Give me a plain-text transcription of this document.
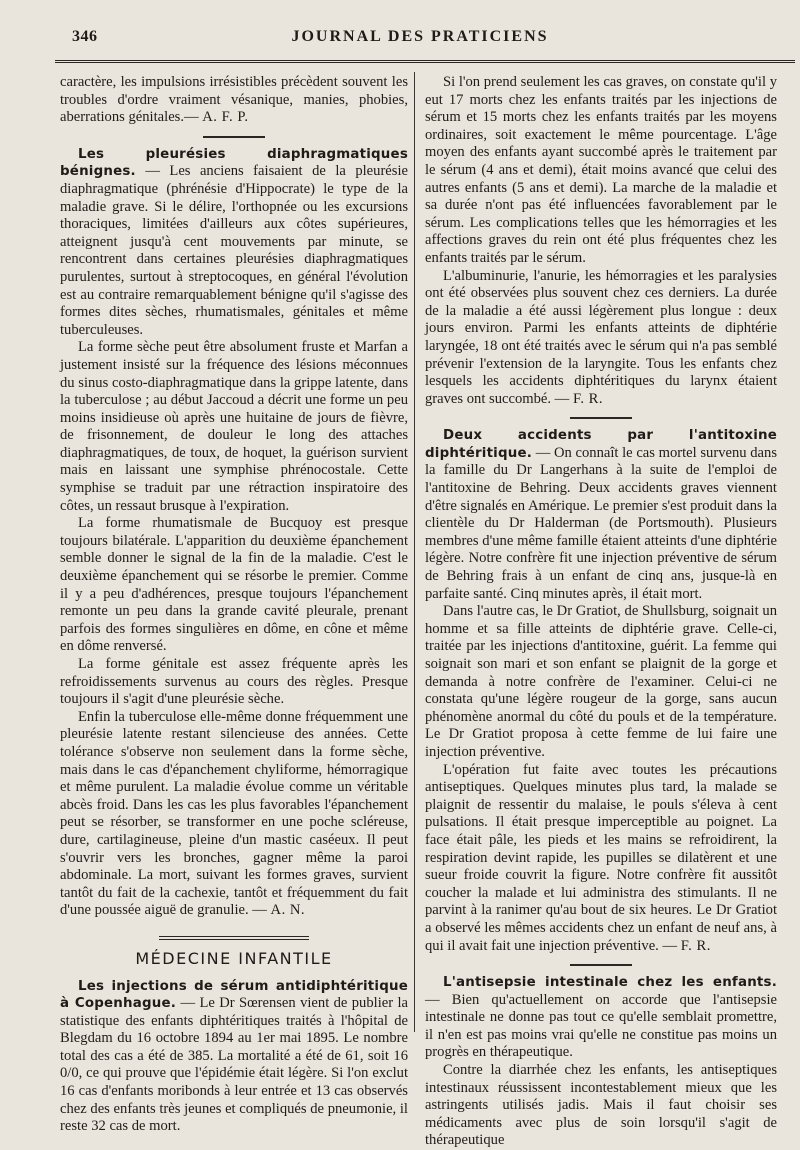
346	JOURNAL DES PRATICIENS

caractère, les impulsions irrésistibles précèdent souvent les troubles d'ordre vraiment vésanique, manies, phobies, aberrations génitales.— A. F. P.

Les pleurésies diaphragmatiques bénignes. — Les anciens faisaient de la pleurésie diaphragmatique (phrénésie d'Hippocrate) le type de la maladie grave. Si le délire, l'orthopnée ou les excursions thoraciques, limitées d'ailleurs aux côtes supérieures, atteignent jusqu'à cent mouvements par minute, se rencontrent dans certaines pleurésies diaphragmatiques purulentes, surtout à streptocoques, en général l'évolution est au contraire remarquablement bénigne qu'il s'agisse des formes dites sèches, rhumatismales, génitales et même tuberculeuses.

La forme sèche peut être absolument fruste et Marfan a justement insisté sur la fréquence des lésions méconnues du sinus costo-diaphragmatique dans la grippe latente, dans la tuberculose ; au début Jaccoud a décrit une forme un peu moins insidieuse où après une huitaine de jours de fièvre, de frisonnement, de douleur le long des attaches diaphragmatiques, de toux, de hoquet, la guérison survient mais en laissant une symphise phrénocostale. Cette symphise se traduit par une rétraction inspiratoire des côtes, un ressaut brusque à l'expiration.

La forme rhumatismale de Bucquoy est presque toujours bilatérale. L'apparition du deuxième épanchement semble donner le signal de la fin de la maladie. C'est le deuxième épanchement qui se résorbe le premier. Comme il y a peu d'adhérences, presque toujours l'épanchement remonte un peu dans la grande cavité pleurale, prenant parfois des formes singulières en dôme, en cône et même en dôme renversé.

La forme génitale est assez fréquente après les refroidissements survenus au cours des règles. Presque toujours il s'agit d'une pleurésie sèche.

Enfin la tuberculose elle-même donne fréquemment une pleurésie latente restant silencieuse des années. Cette tolérance s'observe non seulement dans la forme sèche, mais dans le cas d'épanchement chyliforme, hémorragique et même purulent. La maladie évolue comme un véritable abcès froid. Dans les cas les plus favorables l'épanchement peut se résorber, se transformer en une poche scléreuse, dure, cartilagineuse, pleine d'un mastic caséeux. Il peut s'ouvrir vers les bronches, gagner même la paroi abdominale. La mort, suivant les formes graves, survient tantôt du fait de la cachexie, tantôt et fréquemment du fait d'une poussée aiguë de granulie. — A. N.

MÉDECINE INFANTILE

Les injections de sérum antidiphtéritique à Copenhague. — Le Dr Sœrensen vient de publier la statistique des enfants diphtéritiques traités à l'hôpital de Blegdam du 16 octobre 1894 au 1er mai 1895. Le nombre total des cas a été de 385. La mortalité a été de 61, soit 16 0/0, ce qui prouve que l'épidémie était légère. Si l'on exclut 16 cas d'enfants moribonds à leur entrée et 13 cas observés chez des enfants très jeunes et compliqués de pneumonie, il reste 32 cas de mort.

Si l'on prend seulement les cas graves, on constate qu'il y eut 17 morts chez les enfants traités par les injections de sérum et 15 morts chez les enfants traités par les moyens ordinaires, soit exactement le même pourcentage. L'âge moyen des enfants ayant succombé après le traitement par le sérum (4 ans et demi), était moins avancé que celui des autres enfants (5 ans et demi). La marche de la maladie et sa durée n'ont pas été influencées favorablement par le sérum. Les complications telles que les hémorragies et les affections graves du rein ont été plus fréquentes chez les enfants traités par le sérum.

L'albuminurie, l'anurie, les hémorragies et les paralysies ont été observées plus souvent chez ces derniers. La durée de la maladie a été aussi légèrement plus longue : deux jours environ. Parmi les enfants atteints de diphtérie laryngée, 18 ont été traités avec le sérum qui n'a pas semblé prévenir l'extension de la laryngite. Tous les enfants chez lesquels les accidents diphtéritiques du larynx étaient graves ont succombé. — F. R.

Deux accidents par l'antitoxine diphtéritique. — On connaît le cas mortel survenu dans la famille du Dr Langerhans à la suite de l'emploi de l'antitoxine de Behring. Deux accidents graves viennent d'être signalés en Amérique. Le premier s'est produit dans la clientèle du Dr Halderman (de Portsmouth). Plusieurs membres d'une même famille étaient atteints d'une diphtérie légère. Notre confrère fit une injection préventive de sérum de Behring frais à un enfant de cinq ans, jusque-là en parfaite santé. Cinq minutes après, il était mort.

Dans l'autre cas, le Dr Gratiot, de Shullsburg, soignait un homme et sa fille atteints de diphtérie grave. Celle-ci, traitée par les injections d'antitoxine, guérit. La femme qui soignait son mari et son enfant se plaignit de la gorge et demanda à notre confrère de l'examiner. Celui-ci ne constata qu'une légère rougeur de la gorge, sans aucun phénomène anormal du côté du pouls et de la température. Le Dr Gratiot proposa à cette femme de lui faire une injection préventive.

L'opération fut faite avec toutes les précautions antiseptiques. Quelques minutes plus tard, la malade se plaignit de ressentir du malaise, le pouls s'éleva à cent pulsations. Il était presque imperceptible au poignet. La face était pâle, les pieds et les mains se refroidirent, la respiration devint rapide, les pupilles se dilatèrent et une sueur froide couvrit la figure. Notre confrère fit aussitôt coucher la malade et lui administra des stimulants. Il ne parvint à la ranimer qu'au bout de six heures. Le Dr Gratiot a observé les mêmes accidents chez un enfant de neuf ans, à qui il avait fait une injection préventive. — F. R.

L'antisepsie intestinale chez les enfants. — Bien qu'actuellement on accorde que l'antisepsie intestinale ne donne pas tout ce qu'elle semblait promettre, il n'en est pas moins vrai qu'elle ne constitue pas moins un progrès en thérapeutique.

Contre la diarrhée chez les enfants, les antiseptiques intestinaux réussissent incontestablement mieux que les astringents utilisés jadis. Mais il faut choisir ses médicaments avec plus de soin lorsqu'il s'agit de thérapeutique
